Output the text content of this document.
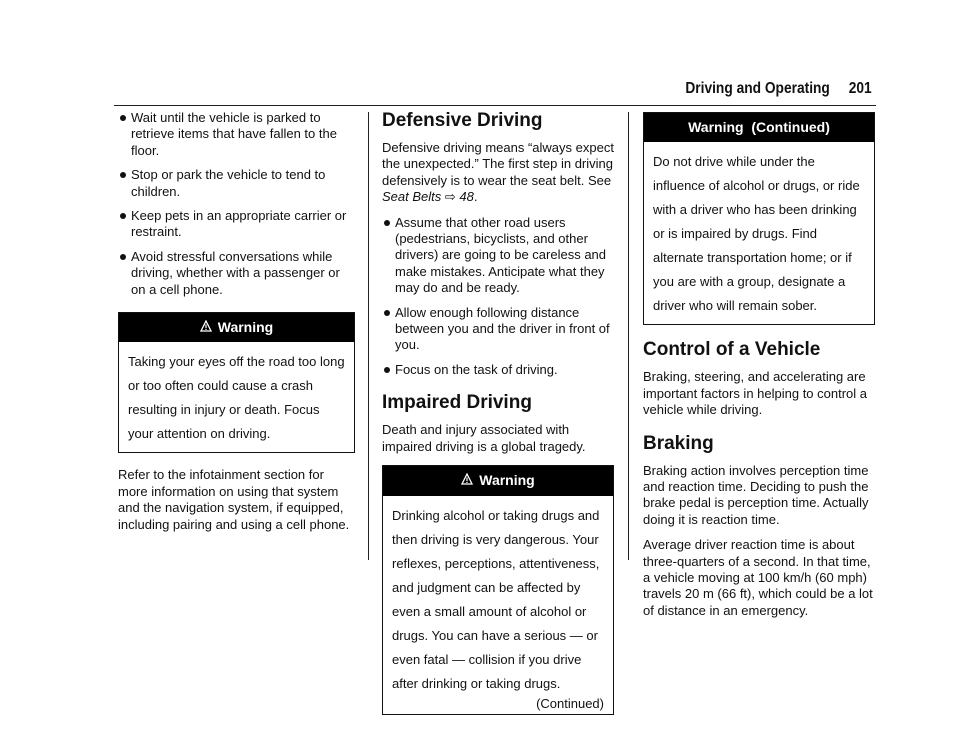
Driving and Operating 201
Wait until the vehicle is parked to retrieve items that have fallen to the floor.
Stop or park the vehicle to tend to children.
Keep pets in an appropriate carrier or restraint.
Avoid stressful conversations while driving, whether with a passenger or on a cell phone.
Warning
Taking your eyes off the road too long or too often could cause a crash resulting in injury or death. Focus your attention on driving.

Refer to the infotainment section for more information on using that system and the navigation system, if equipped, including pairing and using a cell phone.

Defensive Driving

Defensive driving means “always expect the unexpected.” The first step in driving defensively is to wear the seat belt. See Seat Belts ⇨ 48.

Assume that other road users (pedestrians, bicyclists, and other drivers) are going to be careless and make mistakes. Anticipate what they may do and be ready.
Allow enough following distance between you and the driver in front of you.
Focus on the task of driving.
Impaired Driving

Death and injury associated with impaired driving is a global tragedy.

Warning
Drinking alcohol or taking drugs and then driving is very dangerous. Your reflexes, perceptions, attentiveness, and judgment can be affected by even a small amount of alcohol or drugs. You can have a serious — or even fatal — collision if you drive after drinking or taking drugs.
(Continued)
Warning  (Continued)
Do not drive while under the influence of alcohol or drugs, or ride with a driver who has been drinking or is impaired by drugs. Find alternate transportation home; or if you are with a group, designate a driver who will remain sober.
Control of a Vehicle

Braking, steering, and accelerating are important factors in helping to control a vehicle while driving.

Braking

Braking action involves perception time and reaction time. Deciding to push the brake pedal is perception time. Actually doing it is reaction time.

Average driver reaction time is about three-quarters of a second. In that time, a vehicle moving at 100 km/h (60 mph) travels 20 m (66 ft), which could be a lot of distance in an emergency.
